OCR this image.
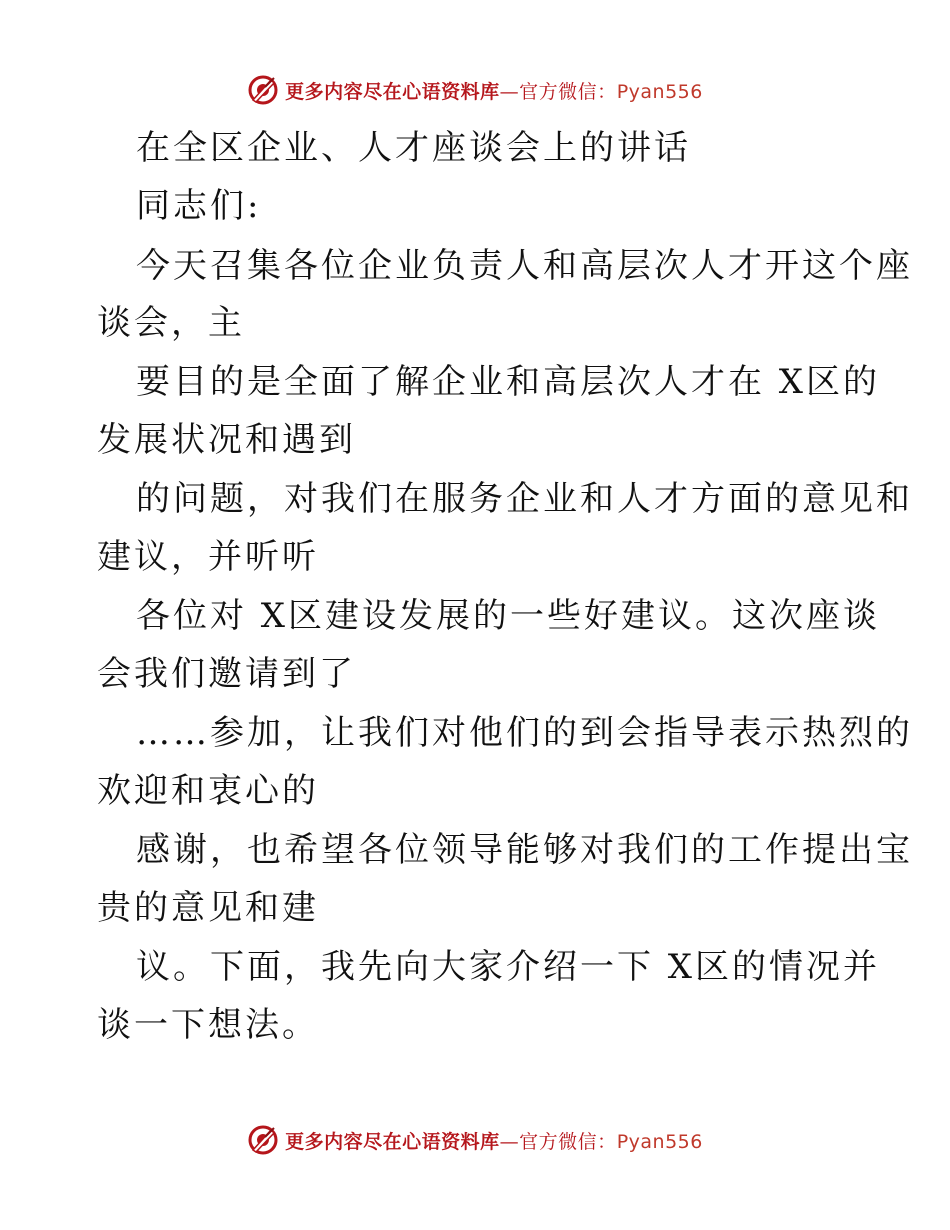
更多内容尽在心语资料库—官方微信：Pyan556
在全区企业、人才座谈会上的讲话
同志们:
今天召集各位企业负责人和高层次人才开这个座
谈会，主
要目的是全面了解企业和高层次人才在 X区的
发展状况和遇到
的问题，对我们在服务企业和人才方面的意见和
建议，并听听
各位对 X区建设发展的一些好建议。这次座谈
会我们邀请到了
……参加，让我们对他们的到会指导表示热烈的
欢迎和衷心的
感谢，也希望各位领导能够对我们的工作提出宝
贵的意见和建
议。下面，我先向大家介绍一下 X区的情况并
谈一下想法。
更多内容尽在心语资料库—官方微信：Pyan556
